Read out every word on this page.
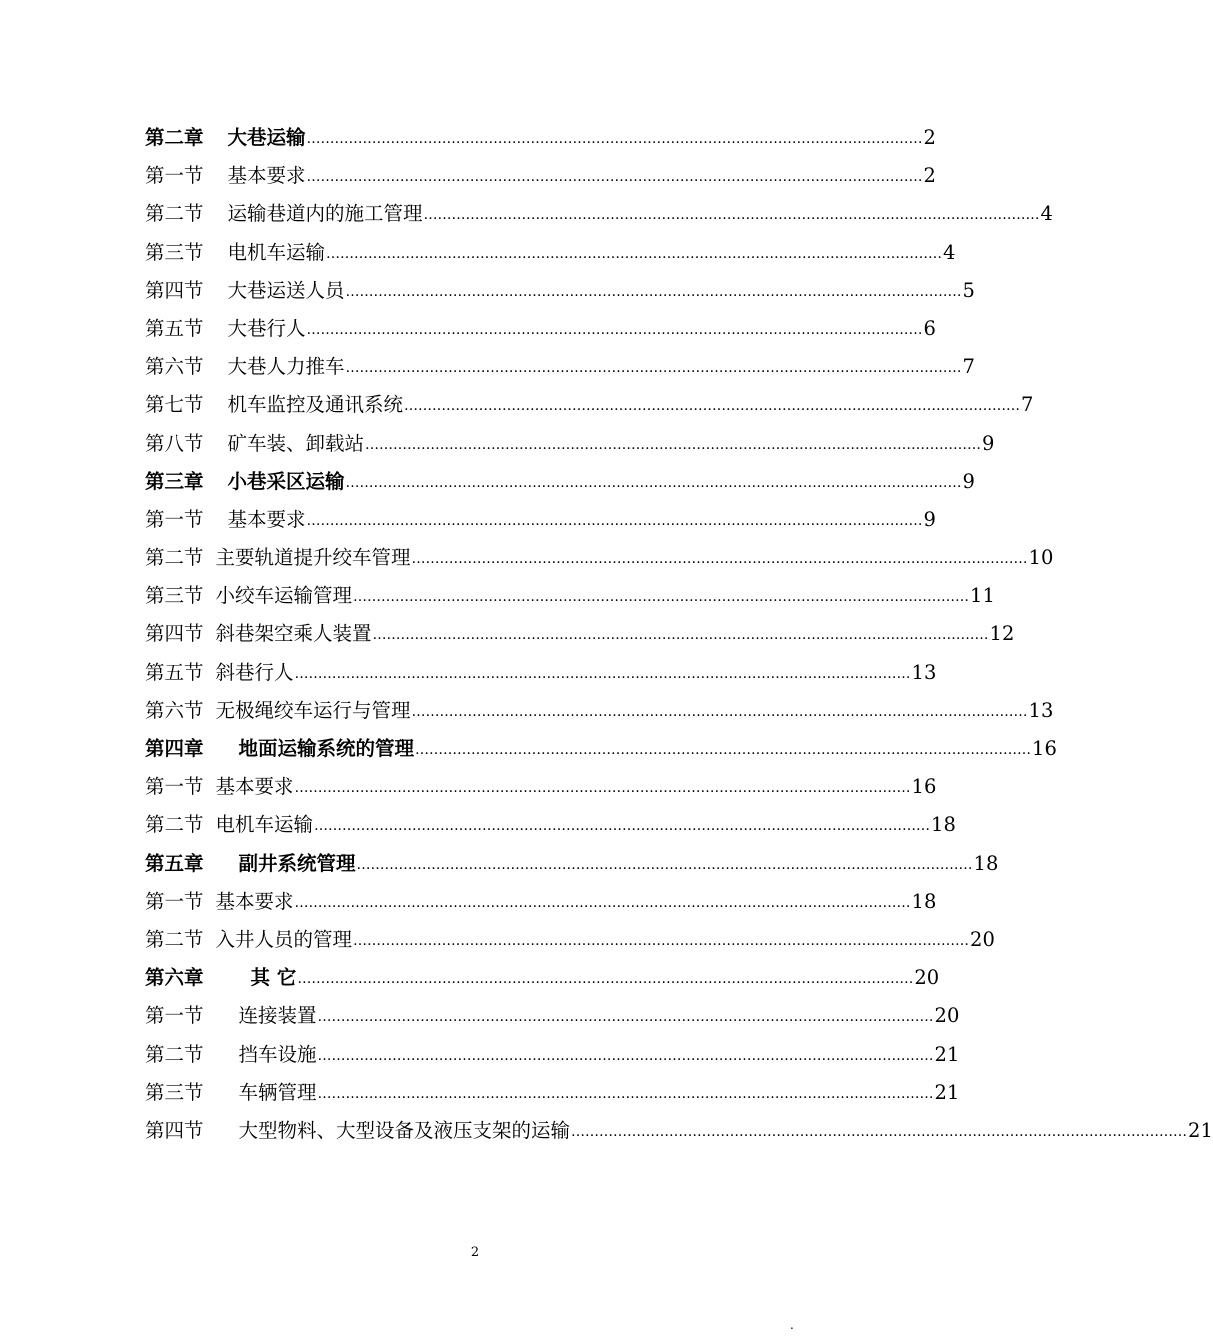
第二章 大巷运输 …………………………………………………………………………………………………………………… 2
第一节 基本要求 …………………………………………………………………………………………………………………… 2
第二节 运输巷道内的施工管理 …………………………………………………………………………………………………………………… 4
第三节 电机车运输 …………………………………………………………………………………………………………………… 4
第四节 大巷运送人员 …………………………………………………………………………………………………………………… 5
第五节 大巷行人 …………………………………………………………………………………………………………………… 6
第六节 大巷人力推车 …………………………………………………………………………………………………………………… 7
第七节 机车监控及通讯系统 …………………………………………………………………………………………………………………… 7
第八节 矿车装、卸载站 …………………………………………………………………………………………………………………… 9
第三章 小巷采区运输 …………………………………………………………………………………………………………………… 9
第一节 基本要求 …………………………………………………………………………………………………………………… 9
第二节 主要轨道提升绞车管理 …………………………………………………………………………………………………………………… 10
第三节 小绞车运输管理 …………………………………………………………………………………………………………………… 11
第四节 斜巷架空乘人装置 …………………………………………………………………………………………………………………… 12
第五节 斜巷行人 …………………………………………………………………………………………………………………… 13
第六节 无极绳绞车运行与管理 …………………………………………………………………………………………………………………… 13
第四章 地面运输系统的管理 …………………………………………………………………………………………………………………… 16
第一节 基本要求 …………………………………………………………………………………………………………………… 16
第二节 电机车运输 …………………………………………………………………………………………………………………… 18
第五章 副井系统管理 …………………………………………………………………………………………………………………… 18
第一节 基本要求 …………………………………………………………………………………………………………………… 18
第二节 入井人员的管理 …………………………………………………………………………………………………………………… 20
第六章 其 它 …………………………………………………………………………………………………………………… 20
第一节 连接装置 …………………………………………………………………………………………………………………… 20
第二节 挡车设施 …………………………………………………………………………………………………………………… 21
第三节 车辆管理 …………………………………………………………………………………………………………………… 21
第四节 大型物料、大型设备及液压支架的运输 …………………………………………………………………………………………………………………… 21
2
.
